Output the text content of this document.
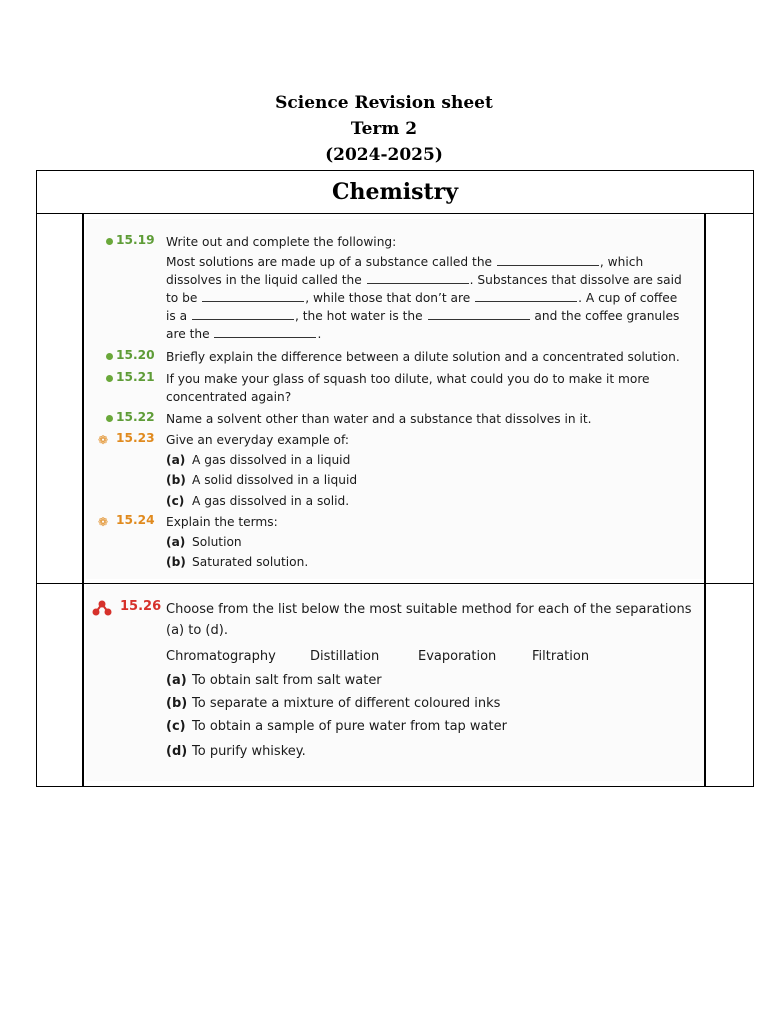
Science Revision sheet
Term 2
(2024-2025)
Chemistry
15.19 Write out and complete the following:
Most solutions are made up of a substance called the	, which
dissolves in the liquid called the	. Substances that dissolve are said
to be	, while those that don’t are	. A cup of coffee
is a	, the hot water is the	and the coffee granules
are the	.
15.20 Briefly explain the difference between a dilute solution and a concentrated solution.
15.21 If you make your glass of squash too dilute, what could you do to make it more
concentrated again?
15.22 Name a solvent other than water and a substance that dissolves in it.
❁ 15.23 Give an everyday example of:
(a) A gas dissolved in a liquid
(b) A solid dissolved in a liquid
(c) A gas dissolved in a solid.
❁ 15.24 Explain the terms:
(a) Solution
(b) Saturated solution.
15.26 Choose from the list below the most suitable method for each of the separations
(a) to (d).
Chromatography	Distillation	Evaporation	Filtration
(a) To obtain salt from salt water
(b) To separate a mixture of different coloured inks
(c) To obtain a sample of pure water from tap water
(d) To purify whiskey.
